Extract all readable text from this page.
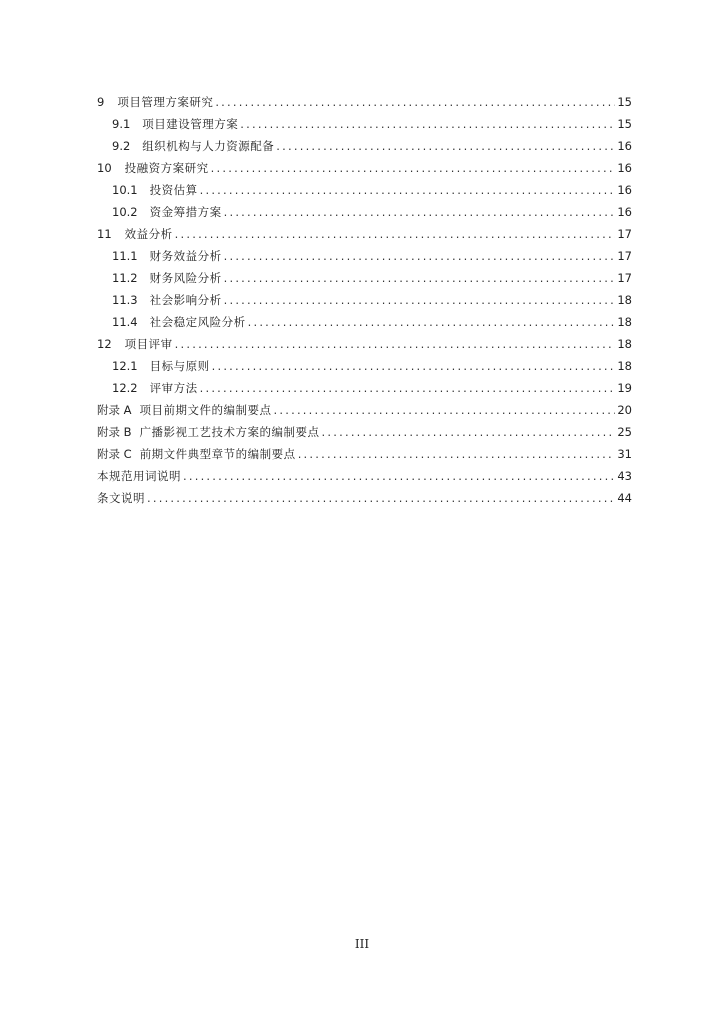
9 项目管理方案研究 .....	15
9.1 项目建设管理方案 .....	15
9.2 组织机构与人力资源配备 .....	16
10 投融资方案研究 .....	16
10.1 投资估算 .....	16
10.2 资金筹措方案 .....	16
11 效益分析 .....	17
11.1 财务效益分析 .....	17
11.2 财务风险分析 .....	17
11.3 社会影响分析 .....	18
11.4 社会稳定风险分析 .....	18
12 项目评审 .....	18
12.1 目标与原则 .....	18
12.2 评审方法 .....	19
附录 A 项目前期文件的编制要点 .....	20
附录 B 广播影视工艺技术方案的编制要点 .....	25
附录 C 前期文件典型章节的编制要点 .....	31
本规范用词说明 .....	43
条文说明 .....	44
III
